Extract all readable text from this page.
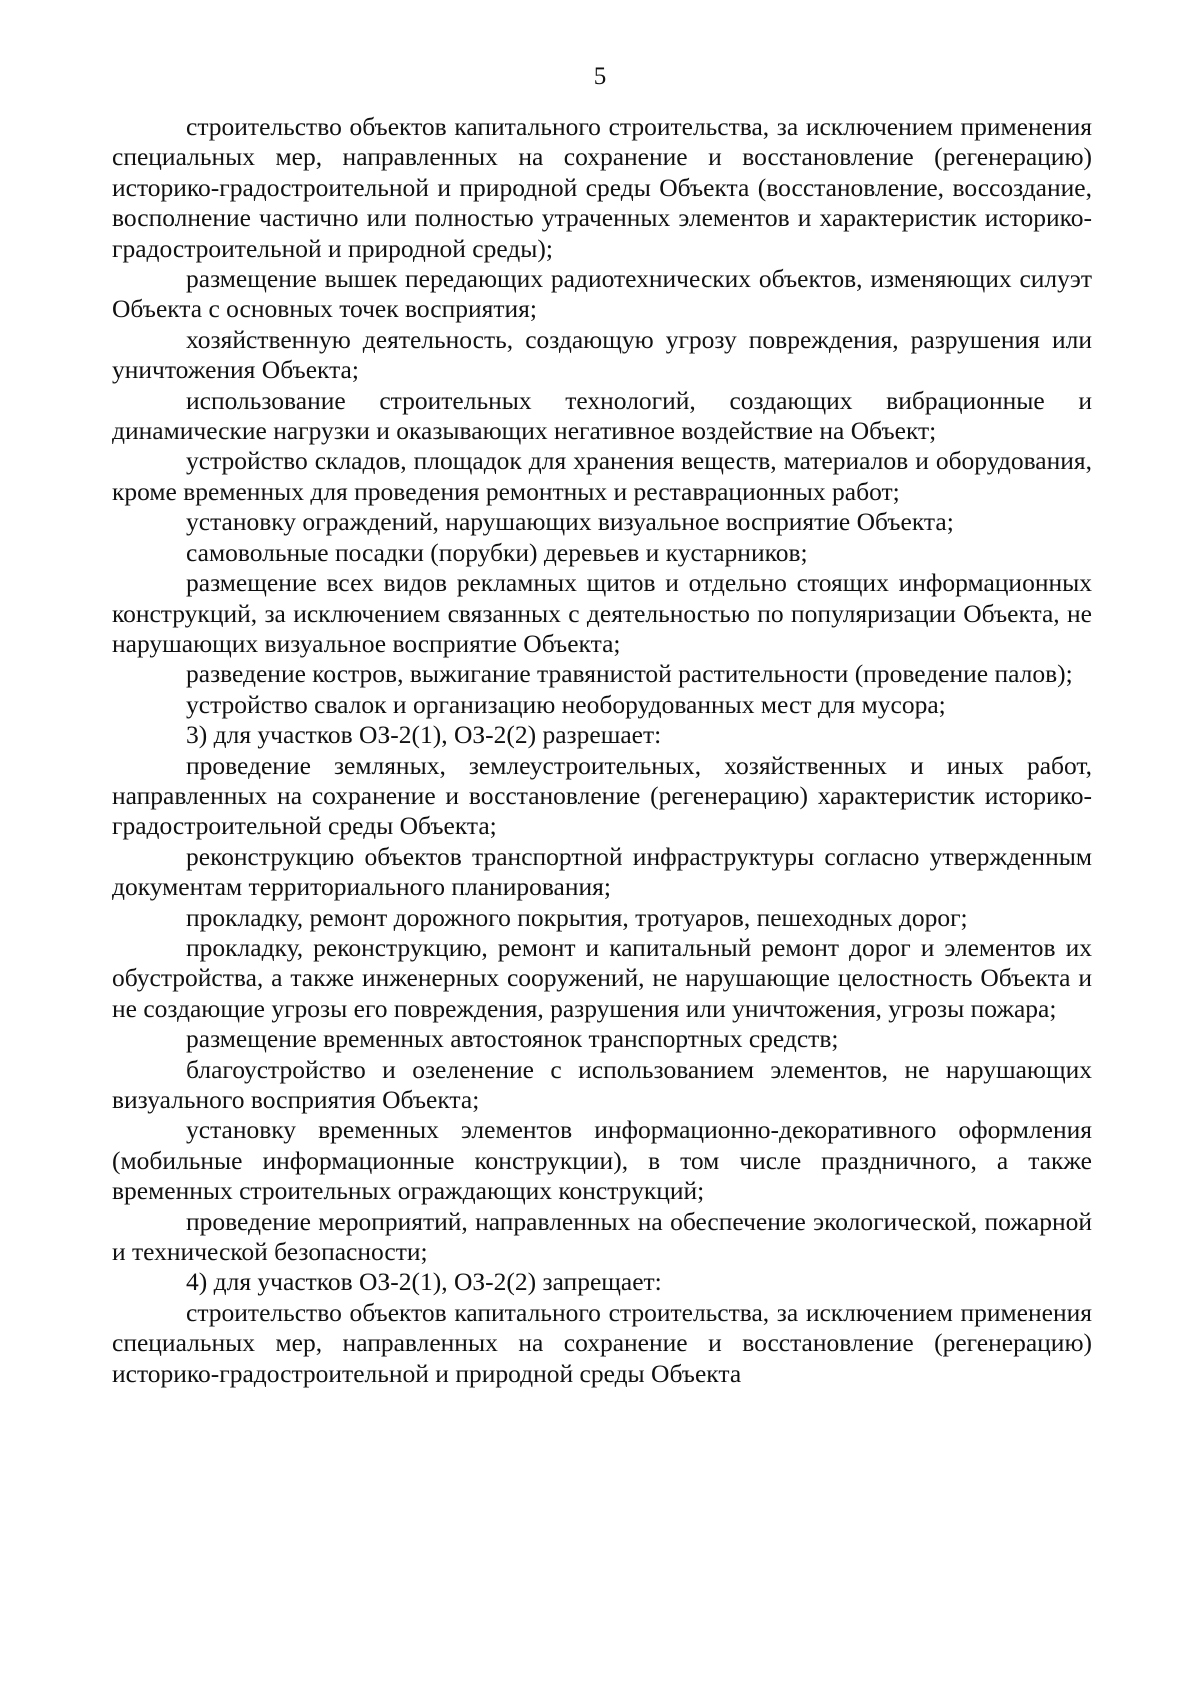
5

строительство объектов капитального строительства, за исключением применения специальных мер, направленных на сохранение и восстановление (регенерацию) историко-градостроительной и природной среды Объекта (восстановление, воссоздание, восполнение частично или полностью утраченных элементов и характеристик историко-градостроительной и природной среды);

размещение вышек передающих радиотехнических объектов, изменяющих силуэт Объекта с основных точек восприятия;

хозяйственную деятельность, создающую угрозу повреждения, разрушения или уничтожения Объекта;

использование строительных технологий, создающих вибрационные и динамические нагрузки и оказывающих негативное воздействие на Объект;

устройство складов, площадок для хранения веществ, материалов и оборудования, кроме временных для проведения ремонтных и реставрационных работ;

установку ограждений, нарушающих визуальное восприятие Объекта;

самовольные посадки (порубки) деревьев и кустарников;

размещение всех видов рекламных щитов и отдельно стоящих информационных конструкций, за исключением связанных с деятельностью по популяризации Объекта, не нарушающих визуальное восприятие Объекта;

разведение костров, выжигание травянистой растительности (проведение палов);

устройство свалок и организацию необорудованных мест для мусора;

3) для участков ОЗ-2(1), ОЗ-2(2) разрешает:

проведение земляных, землеустроительных, хозяйственных и иных работ, направленных на сохранение и восстановление (регенерацию) характеристик историко-градостроительной среды Объекта;

реконструкцию объектов транспортной инфраструктуры согласно утвержденным документам территориального планирования;

прокладку, ремонт дорожного покрытия, тротуаров, пешеходных дорог;

прокладку, реконструкцию, ремонт и капитальный ремонт дорог и элементов их обустройства, а также инженерных сооружений, не нарушающие целостность Объекта и не создающие угрозы его повреждения, разрушения или уничтожения, угрозы пожара;

размещение временных автостоянок транспортных средств;

благоустройство и озеленение с использованием элементов, не нарушающих визуального восприятия Объекта;

установку временных элементов информационно-декоративного оформления (мобильные информационные конструкции), в том числе праздничного, а также временных строительных ограждающих конструкций;

проведение мероприятий, направленных на обеспечение экологической, пожарной и технической безопасности;

4) для участков ОЗ-2(1), ОЗ-2(2) запрещает:

строительство объектов капитального строительства, за исключением применения специальных мер, направленных на сохранение и восстановление (регенерацию) историко-градостроительной и природной среды Объекта
